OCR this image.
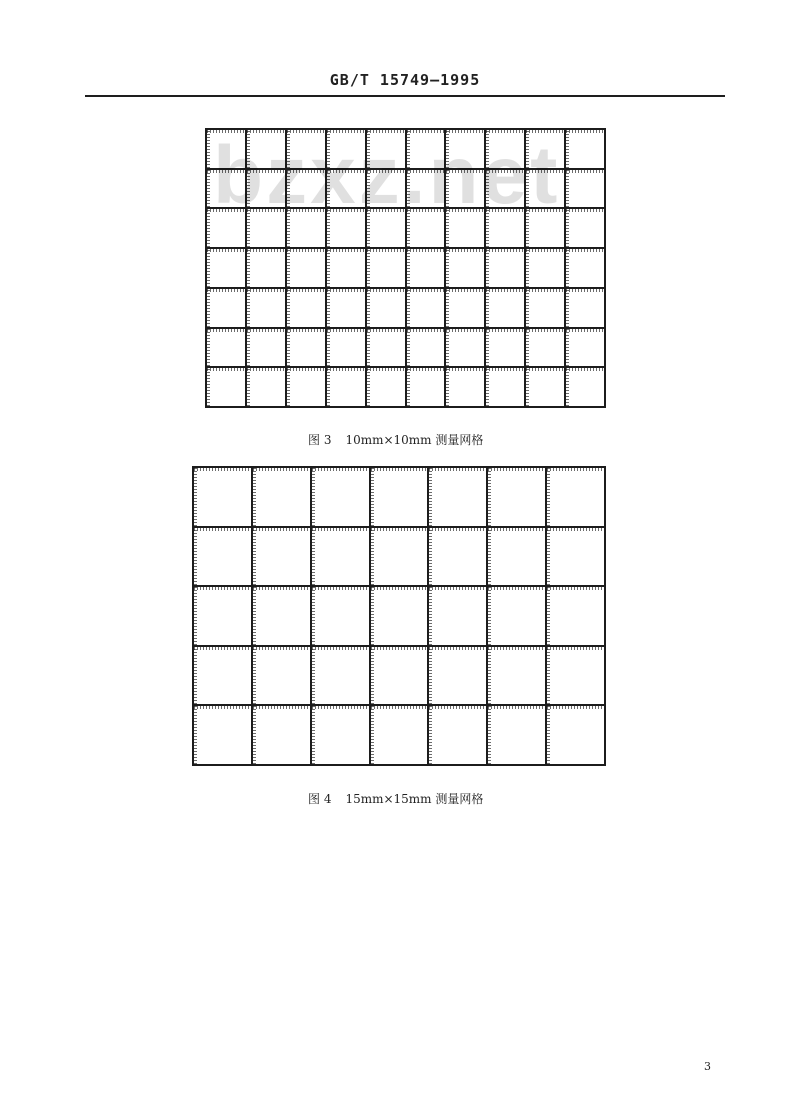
GB/T 15749—1995
bzxz.net
图 3 10mm×10mm 测量网格
图 4 15mm×15mm 测量网格
3
